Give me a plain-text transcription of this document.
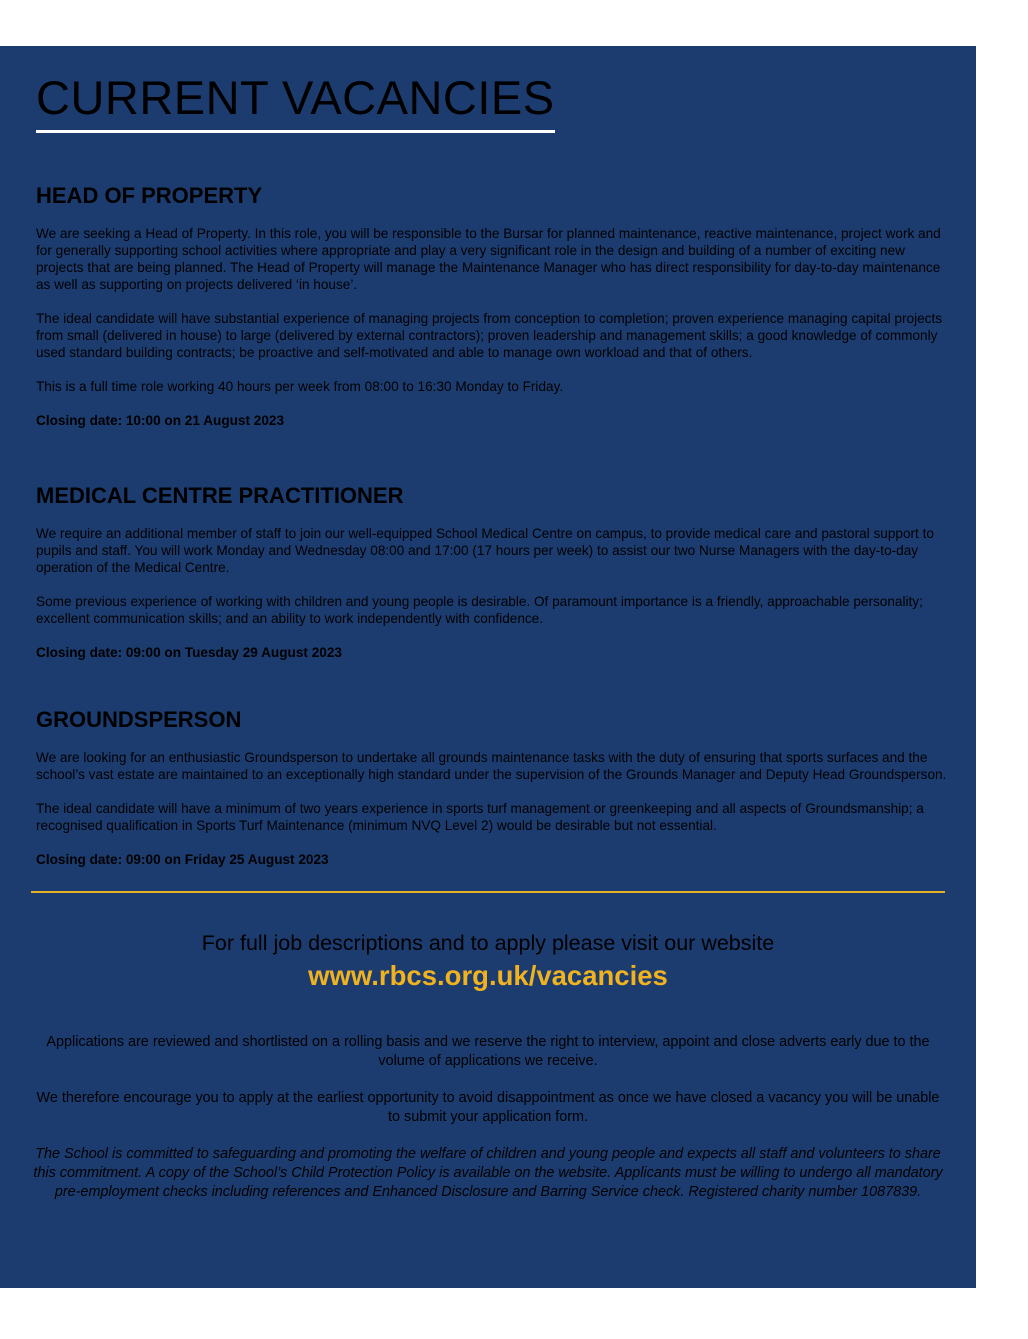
CURRENT VACANCIES
HEAD OF PROPERTY

We are seeking a Head of Property. In this role, you will be responsible to the Bursar for planned maintenance, reactive maintenance, project work and for generally supporting school activities where appropriate and play a very significant role in the design and building of a number of exciting new projects that are being planned. The Head of Property will manage the Maintenance Manager who has direct responsibility for day-to-day maintenance as well as supporting on projects delivered ‘in house’.

The ideal candidate will have substantial experience of managing projects from conception to completion; proven experience managing capital projects from small (delivered in house) to large (delivered by external contractors); proven leadership and management skills; a good knowledge of commonly used standard building contracts; be proactive and self-motivated and able to manage own workload and that of others.

This is a full time role working 40 hours per week from 08:00 to 16:30 Monday to Friday.

Closing date: 10:00 on 21 August 2023

MEDICAL CENTRE PRACTITIONER

We require an additional member of staff to join our well-equipped School Medical Centre on campus, to provide medical care and pastoral support to pupils and staff. You will work Monday and Wednesday 08:00 and 17:00 (17 hours per week) to assist our two Nurse Managers with the day-to-day operation of the Medical Centre.

Some previous experience of working with children and young people is desirable. Of paramount importance is a friendly, approachable personality; excellent communication skills; and an ability to work independently with confidence.

Closing date: 09:00 on Tuesday 29 August 2023

GROUNDSPERSON

We are looking for an enthusiastic Groundsperson to undertake all grounds maintenance tasks with the duty of ensuring that sports surfaces and the school’s vast estate are maintained to an exceptionally high standard under the supervision of the Grounds Manager and Deputy Head Groundsperson.

The ideal candidate will have a minimum of two years experience in sports turf management or greenkeeping and all aspects of Groundsmanship; a recognised qualification in Sports Turf Maintenance (minimum NVQ Level 2) would be desirable but not essential.

Closing date: 09:00 on Friday 25 August 2023

For full job descriptions and to apply please visit our website

www.rbcs.org.uk/vacancies

Applications are reviewed and shortlisted on a rolling basis and we reserve the right to interview, appoint and close adverts early due to the volume of applications we receive.

We therefore encourage you to apply at the earliest opportunity to avoid disappointment as once we have closed a vacancy you will be unable to submit your application form.

The School is committed to safeguarding and promoting the welfare of children and young people and expects all staff and volunteers to share this commitment. A copy of the School’s Child Protection Policy is available on the website. Applicants must be willing to undergo all mandatory pre-employment checks including references and Enhanced Disclosure and Barring Service check. Registered charity number 1087839.
